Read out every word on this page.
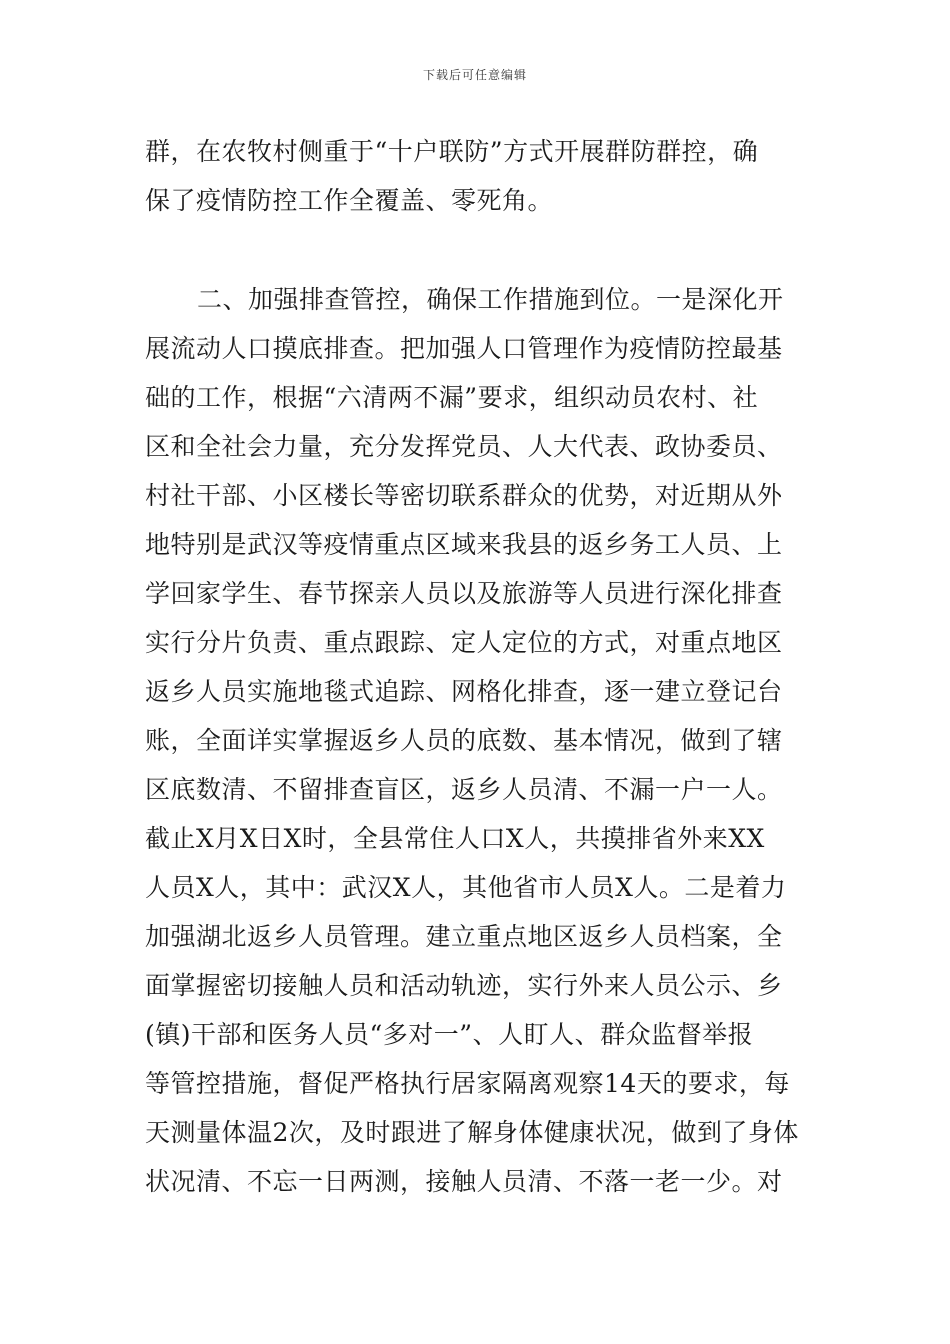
下载后可任意编辑
群，在农牧村侧重于“十户联防”方式开展群防群控，确
保了疫情防控工作全覆盖、零死角。
二、加强排查管控，确保工作措施到位。一是深化开
展流动人口摸底排查。把加强人口管理作为疫情防控最基
础的工作，根据“六清两不漏”要求，组织动员农村、社
区和全社会力量，充分发挥党员、人大代表、政协委员、
村社干部、小区楼长等密切联系群众的优势，对近期从外
地特别是武汉等疫情重点区域来我县的返乡务工人员、上
学回家学生、春节探亲人员以及旅游等人员进行深化排查
实行分片负责、重点跟踪、定人定位的方式，对重点地区
返乡人员实施地毯式追踪、网格化排查，逐一建立登记台
账，全面详实掌握返乡人员的底数、基本情况，做到了辖
区底数清、不留排查盲区，返乡人员清、不漏一户一人。
截止X月X日X时，全县常住人口X人，共摸排省外来XX
人员X人，其中：武汉X人，其他省市人员X人。二是着力
加强湖北返乡人员管理。建立重点地区返乡人员档案，全
面掌握密切接触人员和活动轨迹，实行外来人员公示、乡
(镇)干部和医务人员“多对一”、人盯人、群众监督举报
等管控措施，督促严格执行居家隔离观察14天的要求，每
天测量体温2次，及时跟进了解身体健康状况，做到了身体
状况清、不忘一日两测，接触人员清、不落一老一少。对
